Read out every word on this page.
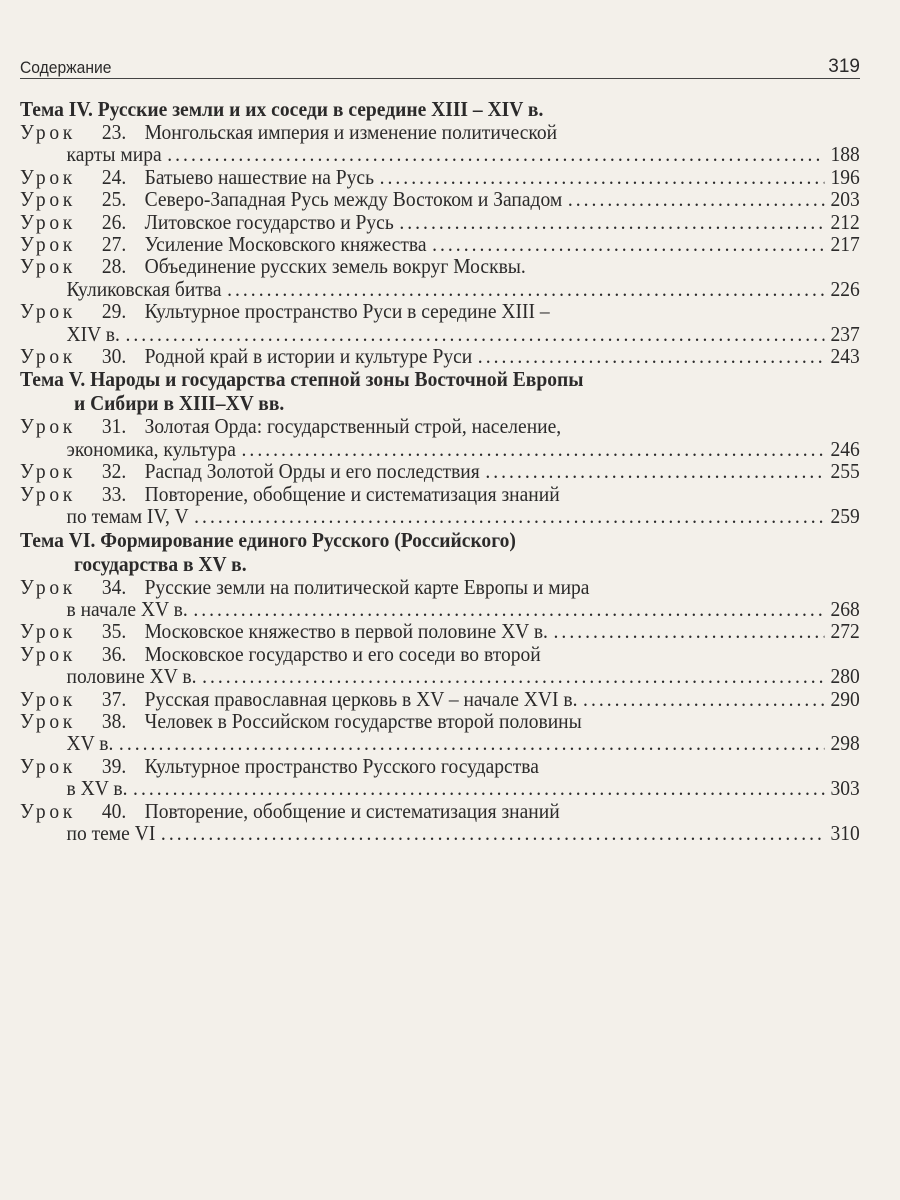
Содержание	319
Тема IV. Русские земли и их соседи в середине XIII – XIV в.
Урок	23. Монгольская империя и изменение политической
карты мира . . .	188
Урок	24. Батыево нашествие на Русь . . .	196
Урок	25. Северо-Западная Русь между Востоком и Западом . . .	203
Урок	26. Литовское государство и Русь . . .	212
Урок	27. Усиление Московского княжества . . .	217
Урок	28. Объединение русских земель вокруг Москвы.
Куликовская битва . . .	226
Урок	29. Культурное пространство Руси в середине XIII –
XIV в. . . .	237
Урок	30. Родной край в истории и культуре Руси . . .	243
Тема V. Народы и государства степной зоны Восточной Европы
и Сибири в XIII–XV вв.
Урок	31. Золотая Орда: государственный строй, население,
экономика, культура . . .	246
Урок	32. Распад Золотой Орды и его последствия . . .	255
Урок	33. Повторение, обобщение и систематизация знаний
по темам IV, V . . .	259
Тема VI. Формирование единого Русского (Российского)
государства в XV в.
Урок	34. Русские земли на политической карте Европы и мира
в начале XV в. . . .	268
Урок	35. Московское княжество в первой половине XV в. . . .	272
Урок	36. Московское государство и его соседи во второй
половине XV в. . . .	280
Урок	37. Русская православная церковь в XV – начале XVI в. . . .	290
Урок	38. Человек в Российском государстве второй половины
XV в. . . .	298
Урок	39. Культурное пространство Русского государства
в XV в. . . .	303
Урок	40. Повторение, обобщение и систематизация знаний
по теме VI . . .	310
